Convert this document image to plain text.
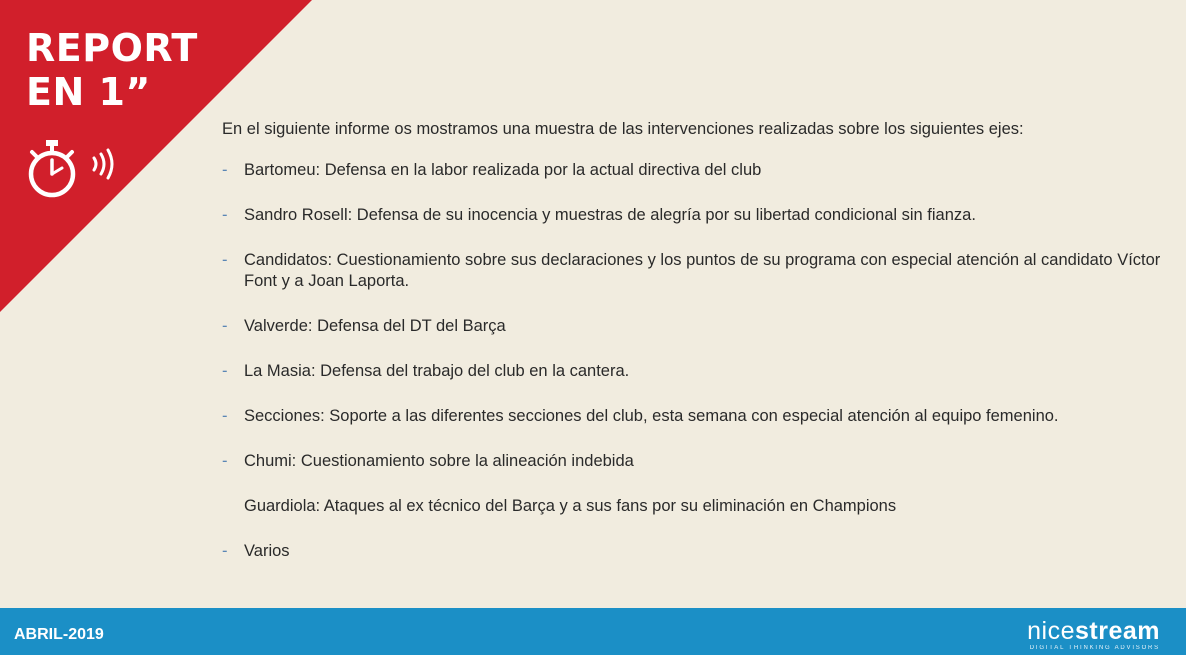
REPORT
EN 1”

En el siguiente informe os mostramos una muestra de las intervenciones realizadas sobre los siguientes ejes:

- Bartomeu: Defensa en la labor realizada por la actual directiva del club
- Sandro Rosell: Defensa de su inocencia y muestras de alegría por su libertad condicional sin fianza.
- Candidatos: Cuestionamiento sobre sus declaraciones y los puntos de su programa con especial atención al candidato Víctor Font y a Joan Laporta.
- Valverde: Defensa del DT del Barça
- La Masia: Defensa del trabajo del club en la cantera.
- Secciones: Soporte a las diferentes secciones del club, esta semana con especial atención al equipo femenino.
- Chumi: Cuestionamiento sobre la alineación indebida
Guardiola: Ataques al ex técnico del Barça y a sus fans por su eliminación en Champions
- Varios
ABRIL-2019	nicestream
DIGITAL THINKING ADVISORS
